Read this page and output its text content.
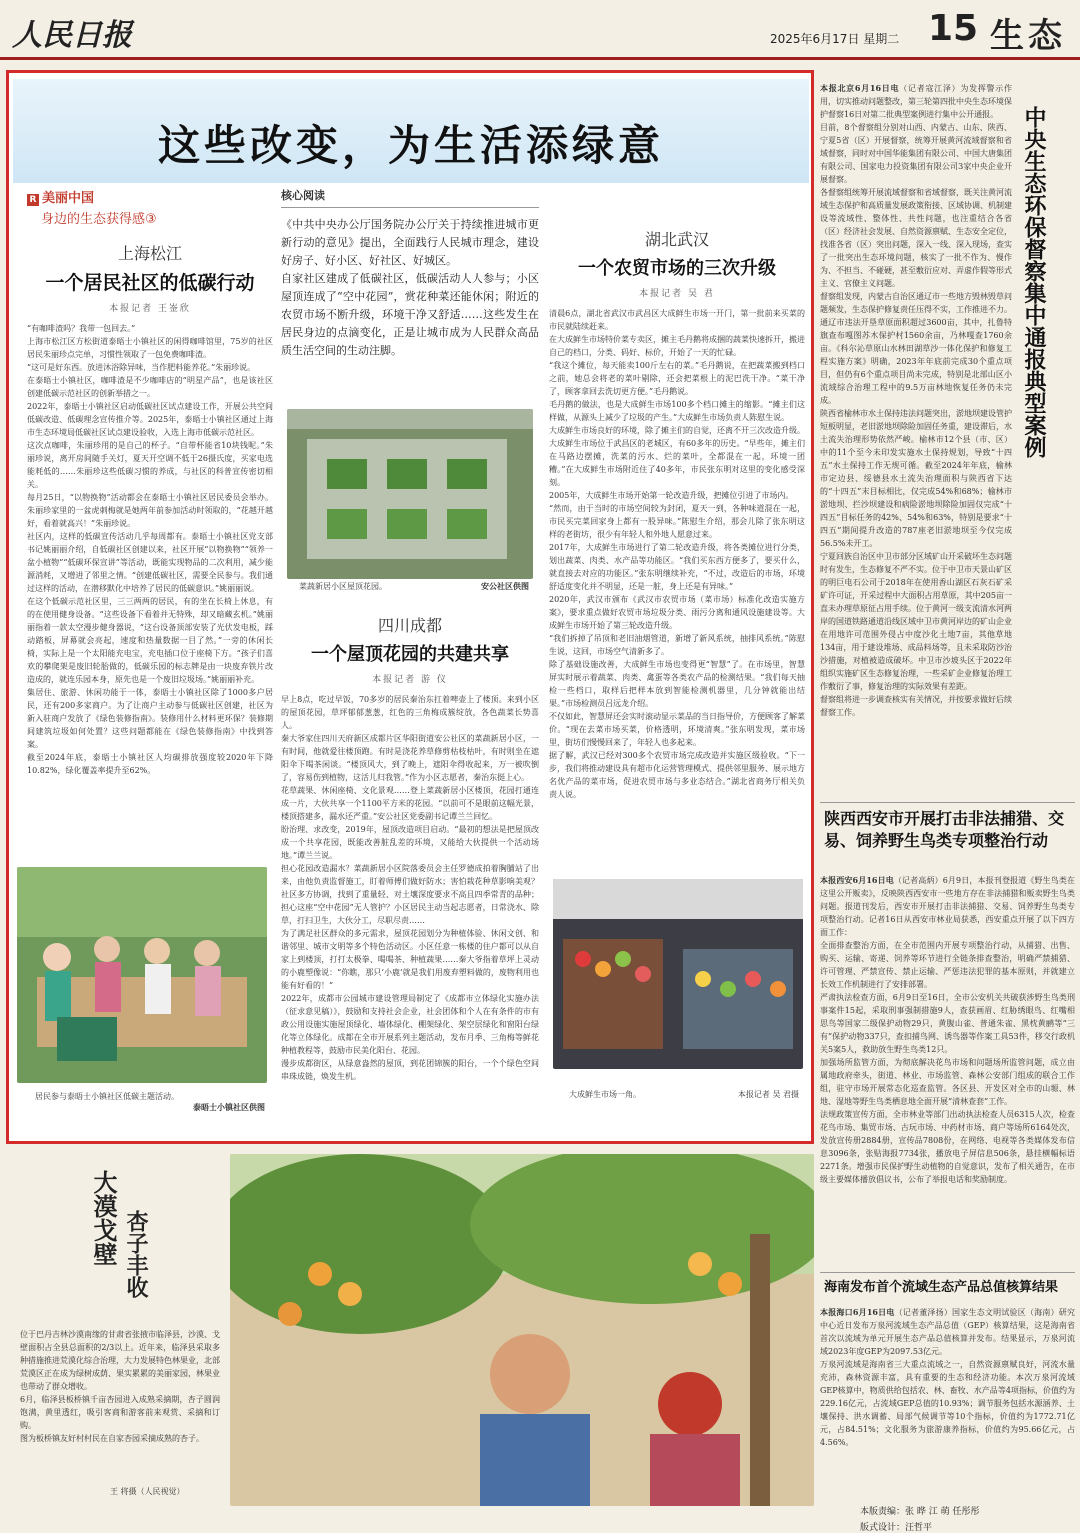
人民日报	2025年6月17日 星期二 15 生态
这些改变，为生活添绿意
R 美丽中国
身边的生态获得感③
上海松江
一个居民社区的低碳行动
本报记者 王崟欣
“有咖啡渣吗？我带一包回去。”
上海市松江区方松街道泰晤士小镇社区的闲得咖啡馆里，75岁的社区居民朱丽珍点完单，习惯性领取了一包免费咖啡渣。
“这可是好东西。放进沐浴除异味，当作肥料能养花。”朱丽珍说。
在泰晤士小镇社区，咖啡渣是不少咖啡店的“明星产品”，也是该社区创建低碳示范社区的创新举措之一。
2022年，泰晤士小镇社区启动低碳社区试点建设工作，开展公共空间低碳改造、低碳理念宣传推介等。2025年，泰晤士小镇社区通过上海市生态环境局低碳社区试点建设验收，入选上海市低碳示范社区。
这次点咖啡，朱丽珍用的是自己的杯子。“自带杯能省10块钱呢。”朱丽珍说，离开房间随手关灯，夏天开空调不低于26摄氏度，买家电选能耗低的……朱丽珍这些低碳习惯的养成，与社区的科普宣传密切相关。
每月25日，“以物换物”活动都会在泰晤士小镇社区居民委员会举办。朱丽珍家里的一盆虎刺梅就是她两年前参加活动时领取的，“花越开越好，看着就高兴！”朱丽珍说。
社区内，这样的低碳宣传活动几乎每周都有。泰晤士小镇社区党支部书记姚丽丽介绍，自低碳社区创建以来，社区开展“以物换物”“领养一盆小植物”“低碳环保宣讲”等活动，既能实现物品的二次利用，减少能源消耗，又增进了邻里之情。“创建低碳社区，需要全民参与。我们通过这样的活动，在潜移默化中培养了居民的低碳意识。”姚丽丽说。
在这个低碳示范社区里，三三两两的居民，有的坐在长椅上休息，有的在使用健身设备。“这些设备下看着并无特殊，却又暗藏玄机。”姚丽丽指着一款太空漫步健身器说，“这台设备顶部安装了光伏发电板，踩动踏板，屏幕就会亮起，速度和热量数据一目了然。”一旁的休闲长椅，实际上是一个太阳能充电宝，充电插口位于座椅下方。“孩子们喜欢的攀爬架是废旧轮胎做的，低碳乐园的标志牌是由一块废弃铁片改造成的，就连乐园本身，原先也是一个废旧垃圾场。”姚丽丽补充。
集居住、旅游、休闲功能于一体，泰晤士小镇社区除了1000多户居民，还有200多家商户。为了让商户主动参与低碳社区创建，社区为新入驻商户发放了《绿色装修指南》。装修用什么材料更环保？装修期间建筑垃圾如何处置？这些问题都能在《绿色装修指南》中找到答案。
截至2024年底，泰晤士小镇社区人均碳排放强度较2020年下降10.82%，绿化覆盖率提升至62%。
居民参与泰晤士小镇社区低碳主题活动。
泰晤士小镇社区供图
核心阅读
《中共中央办公厅国务院办公厅关于持续推进城市更新行动的意见》提出，全面践行人民城市理念，建设好房子、好小区、好社区、好城区。
自家社区建成了低碳社区，低碳活动人人参与；小区屋顶连成了“空中花园”，赏花种菜还能休闲；附近的农贸市场不断升级，环境干净又舒适……这些发生在居民身边的点滴变化，正是让城市成为人民群众高品质生活空间的生动注脚。
菜蔬新居小区屋顶花园。	安公社区供图
四川成都
一个屋顶花园的共建共享
本报记者 游 仪
早上8点，吃过早饭，70多岁的居民秦治东扛着啤壶上了楼顶。来到小区的屋顶花园，草坪郁郁葱葱，红色的三角梅成簇绽放，各色蔬菜长势喜人。
秦大爷家住四川天府新区成都片区华阳街道安公社区的菜蔬新居小区，一有时间，他就爱往楼顶跑。有时是浇花养草修剪枯枝枯叶，有时则坐在遮阳伞下喝茶闲谈。“楼顶风大，到了晚上，遮阳伞得收起来，万一被吹倒了，容易伤到植物，这活儿归我管。”作为小区志愿者，秦治东挺上心。
花草蔬果、休闲座椅、文化景观……登上菜蔬新居小区楼顶，花园打通连成一片，大伙共享一个1100平方米的花园。“以前可不是眼前这幅光景，楼顶搭建多，漏水还严重。”安公社区党委副书记谭兰兰回忆。
盼治理、求改变，2019年，屋顶改造项目启动。“最初的想法是把屋顶改成一个共享花园，既能改善脏乱差的环境，又能给大伙提供一个活动场地。”谭兰兰说。
担心花园改造漏水？菜蔬新居小区院落委员会主任罗德成拍着胸脯站了出来，由他负责监督施工，盯着师傅们做好防水；害怕栽花种草影响美观？社区多方协调，找到了重量轻、对土壤深度要求不高且四季常青的品种；担心这座“空中花园”无人管护？小区居民主动当起志愿者，日常浇水、除草，打扫卫生，大伙分工，尽职尽责……
为了满足社区群众的多元需求，屋顶花园划分为种植体验、休闲文创、和谐邻里、城市文明等多个特色活动区。小区任意一栋楼的住户都可以从自家上到楼顶，打打太极拳、喝喝茶、种植蔬果……秦大爷指着草坪上灵动的小鹿塑像说：“你瞧，那只‘小鹿’就是我们用废弃塑料做的，废物利用也能有好看的！”
2022年，成都市公园城市建设管理局制定了《成都市立体绿化实施办法（征求意见稿）》，鼓励和支持社会企业，社会团体和个人在有条件的市有政公用设施实施屋顶绿化、墙体绿化、棚架绿化、架空层绿化和窗阳台绿化等立体绿化。成都在全市开展系列主题活动，发布月季、三角梅等鲜花种植教程等，鼓励市民美化阳台、花园。
漫步成都街区，从绿意盎然的屋顶，到花团锦簇的阳台，一个个绿色空间串珠成链，焕发生机。
湖北武汉
一个农贸市场的三次升级
本报记者 吴 君
清晨6点，湖北省武汉市武昌区大成鲜生市场一开门，第一批前来买菜的市民就陆续赶来。
在大成鲜生市场特价菜专卖区，摊主毛丹鹅将成捆的蔬菜快速拆开，搬进自己的档口，分类、码好、标价，开始了一天的忙碌。
“我这个摊位，每天能卖100斤左右的菜。”毛丹鹅说，在把蔬菜搬到档口之前，她总会将老的菜叶剔除，还会把菜根上的泥巴洗干净。“菜干净了，顾客拿回去洗切更方便。”毛丹鹅说。
毛丹鹅的做法，也是大成鲜生市场100多个档口摊主的缩影。“摊主们这样做，从源头上减少了垃圾的产生。”大成鲜生市场负责人陈慰生说。
大成鲜生市场良好的环境，除了摊主们的自觉，还离不开三次改造升级。
大成鲜生市场位于武昌区的老城区，有60多年的历史。“早些年，摊主们在马路边摆摊，洗菜的污水、烂的菜叶，全都混在一起，环境一团糟。”在大成鲜生市场附近住了40多年，市民张东明对这里的变化感受深刻。
2005年，大成鲜生市场开始第一轮改造升级，把摊位引进了市场内。
“然而，由于当时的市场空间较为封闭，夏天一到，各种味道混在一起，市民买完菜回家身上都有一股异味。”陈慰生介绍，那会儿除了张东明这样的老街坊，很少有年轻人和外地人愿意过来。
2017年，大成鲜生市场进行了第二轮改造升级，将各类摊位进行分类，划出蔬菜、肉类、水产品等功能区。“我们买东西方便多了，要买什么，就直接去对应的功能区。”张东明继续补充，“不过，改造后的市场，环境舒适度变化并不明显，还是一脏，身上还是有异味。”
2020年，武汉市颁布《武汉市农贸市场（菜市场）标准化改造实施方案》，要求重点做好农贸市场垃圾分类、雨污分离和通风设施建设等。大成鲜生市场开始了第三轮改造升级。
“我们拆掉了吊顶和老旧油烟管道，新增了新风系统，抽排风系统。”陈慰生说，这回，市场空气清新多了。
除了基础设施改善，大成鲜生市场也变得更“智慧”了。在市场里，智慧屏实时展示着蔬菜、肉类、禽蛋等各类农产品的检测结果。“我们每天抽检一些档口，取样后把样本放到智能检测机器里，几分钟就能出结果。”市场检测员吕远龙介绍。
不仅如此，智慧屏还会实时滚动显示菜品的当日指导价，方便顾客了解菜价。“现在去菜市场买菜，价格透明，环境清爽。”张东明发现，菜市场里，街坊们慢慢回来了，年轻人也多起来。
据了解，武汉已经对300多个农贸市场完成改造并实施区级验收。“下一步，我们将推动建设具有超市化运营管理模式、提供邻里服务、展示地方名优产品的菜市场，促进农贸市场与多业态结合。”湖北省商务厅相关负责人说。
大成鲜生市场一角。	本报记者 吴 君摄
大漠戈壁 杏子丰收
位于巴丹吉林沙漠南缘的甘肃省张掖市临泽县，沙漠、戈壁面积占全县总面积的2/3以上。近年来，临泽县采取多种措施推进荒漠化综合治理，大力发展特色林果业，北部荒漠区正在成为绿树成荫、果实累累的美丽家园，林果业也带动了群众增收。
6月，临泽县板桥镇千亩杏园进入成熟采摘期，杏子圆润饱满，黄里透红，吸引客商和游客前来观赏、采摘和订购。
图为板桥镇友好村村民在自家杏园采摘成熟的杏子。
王 将摄（人民视觉）
本报北京6月16日电（记者寇江泽）为发挥警示作用，切实推动问题整改，第三轮第四批中央生态环境保护督察16日对第二批典型案例进行集中公开通报。
目前，8个督察组分别对山西、内蒙古、山东、陕西、宁夏5省（区）开展督察，统筹开展黄河流域督察和省域督察，同时对中国华能集团有限公司、中国大唐集团有限公司、国家电力投资集团有限公司3家中央企业开展督察。
各督察组统筹开展流域督察和省域督察，既关注黄河流域生态保护和高质量发展政策衔接、区域协调、机制建设等流域性、整体性、共性问题，也注重结合各省（区）经济社会发展、自然资源禀赋、生态安全定位，找准各省（区）突出问题，深入一线、深入现场，查实了一批突出生态环境问题，核实了一批不作为、慢作为、不担当、不碰硬，甚至敷衍应对、弄虚作假等形式主义、官僚主义问题。
督察组发现，内蒙古自治区通辽市一些地方毁林毁草问题频发，生态保护修复责任压得不实，工作推进不力。通辽市违法开垦草原面积超过3600亩，其中，扎鲁特旗查布嘎图苏木保护村1560余亩，乃林嘎查1760余亩。《科尔沁草原山水林田湖草沙一体化保护和修复工程实施方案》明确，2023年年底前完成30个重点项目，但仍有6个重点项目尚未完成，特别是北部山区小流域综合治理工程中的9.5万亩林地恢复任务仍未完成。
陕西省榆林市水土保持违法问题突出，淤地坝建设管护短板明显，老旧淤地坝除险加固任务重，建设滞后，水土流失治理形势依然严峻。榆林市12个县（市、区）中的11个至今未印发实施水土保持规划，导致“十四五”水土保持工作无规可循。截至2024年年底，榆林市定边县、绥德县水土流失治理面积与陕西省下达的“十四五”末目标相比，仅完成54%和68%；榆林市淤地坝、拦沙坝建设和病险淤地坝除险加固仅完成“十四五”目标任务的42%、54%和63%，特别是要求“十四五”期间提升改造的787座老旧淤地坝至今仅完成56.5%未开工。
宁夏回族自治区中卫市部分区域矿山开采破坏生态问题时有发生，生态修复不严不实。位于中卫市天景山矿区的明巨电石公司于2018年在使用香山湖区石灰石矿采矿许可证，开采过程中大面积占用草原，其中205亩一直未办理草原征占用手续。位于黄河一级支流清水河两岸的国道铁路通道沿线区域中卫市黄河岸边的矿山企业在用地许可范围外侵占中度沙化土地7亩，其他草地134亩，用于建设堆场、成品料场等，且未采取防沙治沙措施，对植被造成破坏。中卫市沙坡头区于2022年组织实施矿区生态修复治理，一些采矿企业修复治理工作敷衍了事，修复治理的实际效果有差距。
督察组将进一步调查核实有关情况，并按要求做好后续督察工作。
中央生态环保督察集中通报典型案例
陕西西安市开展打击非法捕猎、交易、饲养野生鸟类专项整治行动
本报西安6月16日电（记者高炳）6月9日，本报刊登报道《野生鸟类在这里公开贩卖》，反映陕西西安市一些地方存在非法捕猎和贩卖野生鸟类问题。报道刊发后，西安市开展打击非法捕猎、交易、饲养野生鸟类专项整治行动。记者16日从西安市林业局获悉，西安重点开展了以下四方面工作：
全面排查整治方面，在全市范围内开展专项整治行动，从捕猎、出售、购买、运输、寄递、饲养等环节进行全链条排查整治，明确严禁捕猎、许可管理、严禁宣传、禁止运输、严惩违法犯罪的基本原则，并就建立长效工作机制进行了安排部署。
严肃执法检查方面，6月9日至16日，全市公安机关共破获涉野生鸟类刑事案件15起，采取刑事强制措施9人，查获画眉、红胁绣眼鸟、红嘴相思鸟等国家二级保护动物29只，黄腹山雀、普通朱雀、黑枕黄鹂等“三有”保护动物337只，查扣捕鸟网、诱鸟器等作案工具53件，移交行政机关5案5人，救助放生野生鸟类12只。
加强场所监管方面，为彻底解决花鸟市场和问题场所监管问题，成立由属地政府牵头，街道、林业、市场监管、森林公安部门组成的联合工作组，驻守市场开展常态化巡查监管。各区县、开发区对全市的山塬、林地、湿地等野生鸟类栖息地全面开展“清林查套”工作。
法规政策宣传方面，全市林业等部门出动执法检查人员6315人次，检查花鸟市场、集贸市场、古玩市场、中药材市场、商户等场所6164处次，发放宣传册2884册，宣传品7808份，在网络、电视等各类媒体发布信息3096条，张贴海报7734张，播放电子屏信息506条，悬挂横幅标语2271条。增强市民保护野生动植物的自觉意识，发布了相关通告，在市级主要媒体播放倡议书，公布了举报电话和奖励制度。
海南发布首个流域生态产品总值核算结果
本报海口6月16日电（记者董泽扬）国家生态文明试验区（海南）研究中心近日发布万泉河流域生态产品总值（GEP）核算结果，这是海南省首次以流域为单元开展生态产品总值核算并发布。结果显示，万泉河流域2023年度GEP为2097.53亿元。
万泉河流域是海南省三大重点流域之一，自然资源禀赋良好，河流水量充沛，森林资源丰富，具有重要的生态和经济功能。本次万泉河流域GEP核算中，物质供给包括农、林、畜牧、水产品等4项指标，价值约为229.16亿元，占流域GEP总值的10.93%；调节服务包括水源涵养、土壤保持、洪水调蓄、局部气候调节等10个指标，价值约为1772.71亿元，占84.51%；文化服务为旅游康养指标，价值约为95.66亿元，占4.56%。
本版责编：张 晔 江 萌 任彤彤
版式设计：汪哲平
